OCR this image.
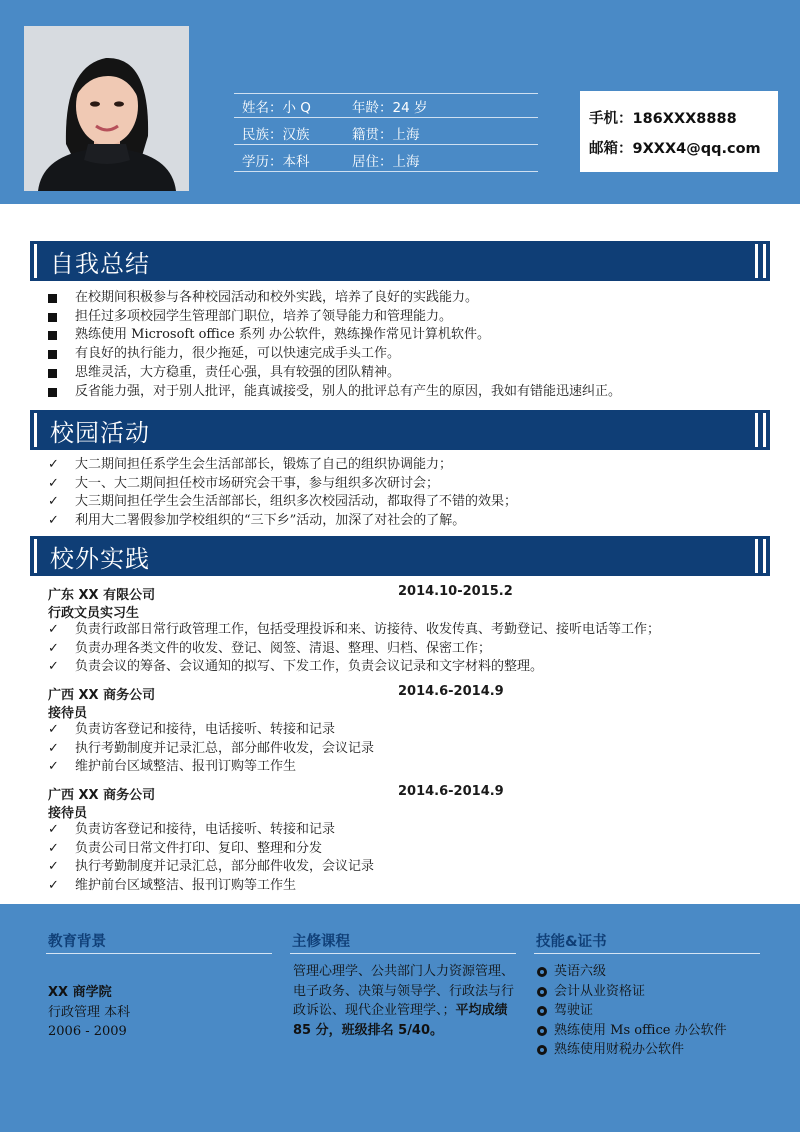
姓名：小 Q	年龄：24 岁
民族：汉族	籍贯：上海
学历：本科	居住：上海
手机：186XXX8888
邮箱：9XXX4@qq.com
自我总结
在校期间积极参与各种校园活动和校外实践，培养了良好的实践能力。
担任过多项校园学生管理部门职位，培养了领导能力和管理能力。
熟练使用 Microsoft office 系列 办公软件，熟练操作常见计算机软件。
有良好的执行能力，很少拖延，可以快速完成手头工作。
思维灵活，大方稳重，责任心强，具有较强的团队精神。
反省能力强，对于别人批评，能真诚接受，别人的批评总有产生的原因，我如有错能迅速纠正。
校园活动
✓ 大二期间担任系学生会生活部部长，锻炼了自己的组织协调能力；
✓ 大一、大二期间担任校市场研究会干事，参与组织多次研讨会；
✓ 大三期间担任学生会生活部部长，组织多次校园活动，都取得了不错的效果；
✓ 利用大二署假参加学校组织的“三下乡”活动，加深了对社会的了解。
校外实践
广东 XX 有限公司	2014.10-2015.2
行政文员实习生
✓ 负责行政部日常行政管理工作，包括受理投诉和来、访接待、收发传真、考勤登记、接听电话等工作；
✓ 负责办理各类文件的收发、登记、阅签、清退、整理、归档、保密工作；
✓ 负责会议的筹备、会议通知的拟写、下发工作，负责会议记录和文字材料的整理。
广西 XX 商务公司	2014.6-2014.9
接待员
✓ 负责访客登记和接待，电话接听、转接和记录
✓ 执行考勤制度并记录汇总，部分邮件收发，会议记录
✓ 维护前台区域整洁、报刊订购等工作生
广西 XX 商务公司	2014.6-2014.9
接待员
✓ 负责访客登记和接待，电话接听、转接和记录
✓ 负责公司日常文件打印、复印、整理和分发
✓ 执行考勤制度并记录汇总，部分邮件收发，会议记录
✓ 维护前台区域整洁、报刊订购等工作生
教育背景	主修课程	技能&证书
XX 商学院
行政管理 本科
2006 - 2009
管理心理学、公共部门人力资源管理、电子政务、决策与领导学、行政法与行政诉讼、现代企业管理学、；平均成绩 85 分，班级排名 5/40。
英语六级
会计从业资格证
驾驶证
熟练使用 Ms office 办公软件
熟练使用财税办公软件
